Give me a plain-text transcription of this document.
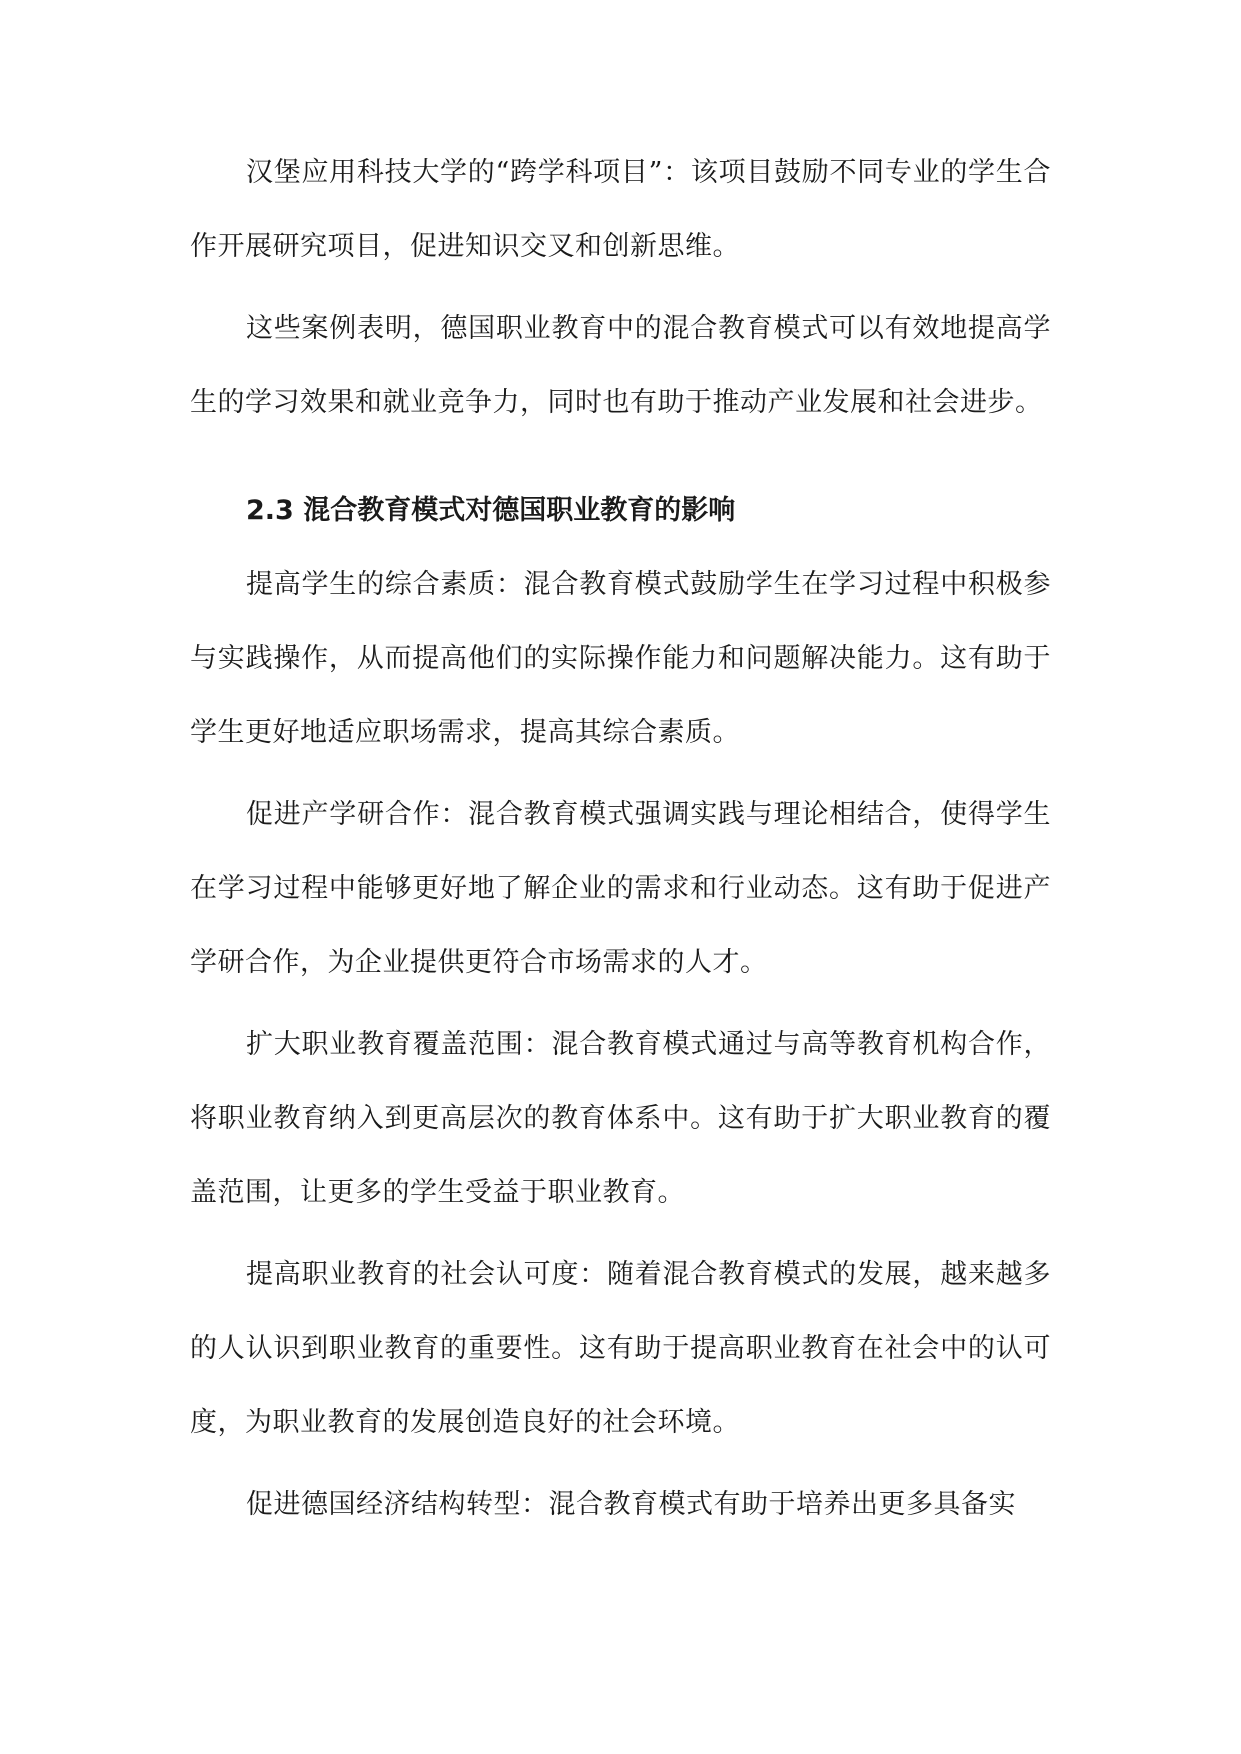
汉堡应用科技大学的“跨学科项目”：该项目鼓励不同专业的学生合作开展研究项目，促进知识交叉和创新思维。

这些案例表明，德国职业教育中的混合教育模式可以有效地提高学生的学习效果和就业竞争力，同时也有助于推动产业发展和社会进步。

2.3 混合教育模式对德国职业教育的影响

提高学生的综合素质：混合教育模式鼓励学生在学习过程中积极参与实践操作，从而提高他们的实际操作能力和问题解决能力。这有助于学生更好地适应职场需求，提高其综合素质。

促进产学研合作：混合教育模式强调实践与理论相结合，使得学生在学习过程中能够更好地了解企业的需求和行业动态。这有助于促进产学研合作，为企业提供更符合市场需求的人才。

扩大职业教育覆盖范围：混合教育模式通过与高等教育机构合作，将职业教育纳入到更高层次的教育体系中。这有助于扩大职业教育的覆盖范围，让更多的学生受益于职业教育。

提高职业教育的社会认可度：随着混合教育模式的发展，越来越多的人认识到职业教育的重要性。这有助于提高职业教育在社会中的认可度，为职业教育的发展创造良好的社会环境。

促进德国经济结构转型：混合教育模式有助于培养出更多具备实
